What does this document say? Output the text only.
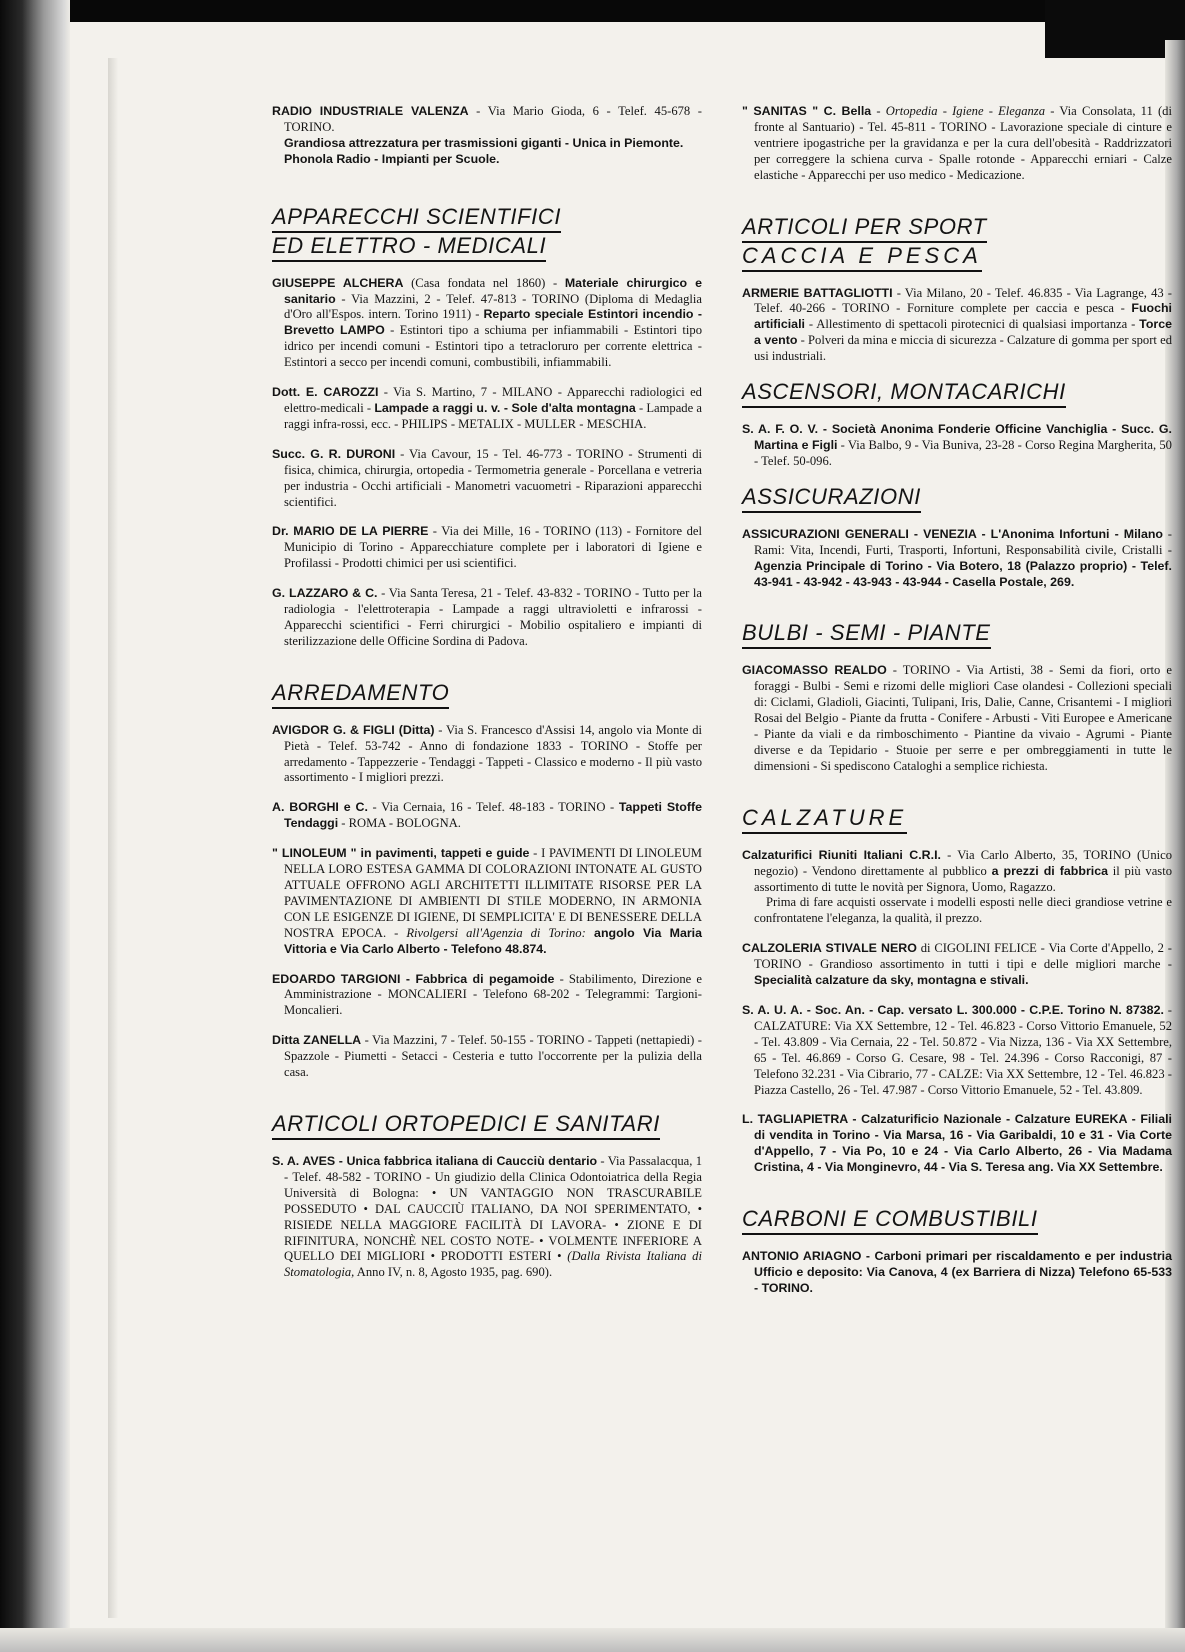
RADIO INDUSTRIALE VALENZA - Via Mario Gioda, 6 - Telef. 45-678 - TORINO.
Grandiosa attrezzatura per trasmissioni giganti - Unica in Piemonte.
Phonola Radio - Impianti per Scuole.
APPARECCHI SCIENTIFICI
ED ELETTRO - MEDICALI
GIUSEPPE ALCHERA (Casa fondata nel 1860) - Materiale chirurgico e sanitario - Via Mazzini, 2 - Telef. 47-813 - TORINO (Diploma di Medaglia d'Oro all'Espos. intern. Torino 1911) - Reparto speciale Estintori incendio - Brevetto LAMPO - Estintori tipo a schiuma per infiammabili - Estintori tipo idrico per incendi comuni - Estintori tipo a tetracloruro per corrente elettrica - Estintori a secco per incendi comuni, combustibili, infiammabili.
Dott. E. CAROZZI - Via S. Martino, 7 - MILANO - Apparecchi radiologici ed elettro-medicali - Lampade a raggi u. v. - Sole d'alta montagna - Lampade a raggi infra-rossi, ecc. - PHILIPS - METALIX - MULLER - MESCHIA.
Succ. G. R. DURONI - Via Cavour, 15 - Tel. 46-773 - TORINO - Strumenti di fisica, chimica, chirurgia, ortopedia - Termometria generale - Porcellana e vetreria per industria - Occhi artificiali - Manometri vacuometri - Riparazioni apparecchi scientifici.
Dr. MARIO DE LA PIERRE - Via dei Mille, 16 - TORINO (113) - Fornitore del Municipio di Torino - Apparecchiature complete per i laboratori di Igiene e Profilassi - Prodotti chimici per usi scientifici.
G. LAZZARO & C. - Via Santa Teresa, 21 - Telef. 43-832 - TORINO - Tutto per la radiologia - l'elettroterapia - Lampade a raggi ultravioletti e infrarossi - Apparecchi scientifici - Ferri chirurgici - Mobilio ospitaliero e impianti di sterilizzazione delle Officine Sordina di Padova.
ARREDAMENTO
AVIGDOR G. & FIGLI (Ditta) - Via S. Francesco d'Assisi 14, angolo via Monte di Pietà - Telef. 53-742 - Anno di fondazione 1833 - TORINO - Stoffe per arredamento - Tappezzerie - Tendaggi - Tappeti - Classico e moderno - Il più vasto assortimento - I migliori prezzi.
A. BORGHI e C. - Via Cernaia, 16 - Telef. 48-183 - TORINO - Tappeti Stoffe Tendaggi - ROMA - BOLOGNA.
" LINOLEUM " in pavimenti, tappeti e guide - I PAVIMENTI DI LINOLEUM NELLA LORO ESTESA GAMMA DI COLORAZIONI INTONATE AL GUSTO ATTUALE OFFRONO AGLI ARCHITETTI ILLIMITATE RISORSE PER LA PAVIMENTAZIONE DI AMBIENTI DI STILE MODERNO, IN ARMONIA CON LE ESIGENZE DI IGIENE, DI SEMPLICITA' E DI BENESSERE DELLA NOSTRA EPOCA. - Rivolgersi all'Agenzia di Torino: angolo Via Maria Vittoria e Via Carlo Alberto - Telefono 48.874.
EDOARDO TARGIONI - Fabbrica di pegamoide - Stabilimento, Direzione e Amministrazione - MONCALIERI - Telefono 68-202 - Telegrammi: Targioni-Moncalieri.
Ditta ZANELLA - Via Mazzini, 7 - Telef. 50-155 - TORINO - Tappeti (nettapiedi) - Spazzole - Piumetti - Setacci - Cesteria e tutto l'occorrente per la pulizia della casa.
ARTICOLI ORTOPEDICI E SANITARI
S. A. AVES - Unica fabbrica italiana di Caucciù dentario - Via Passalacqua, 1 - Telef. 48-582 - TORINO - Un giudizio della Clinica Odontoiatrica della Regia Università di Bologna: • UN VANTAGGIO NON TRASCURABILE POSSEDUTO • DAL CAUCCIÙ ITALIANO, DA NOI SPERIMENTATO, • RISIEDE NELLA MAGGIORE FACILITÀ DI LAVORA- • ZIONE E DI RIFINITURA, NONCHÈ NEL COSTO NOTE- • VOLMENTE INFERIORE A QUELLO DEI MIGLIORI • PRODOTTI ESTERI • (Dalla Rivista Italiana di Stomatologia, Anno IV, n. 8, Agosto 1935, pag. 690).
" SANITAS " C. Bella - Ortopedia - Igiene - Eleganza - Via Consolata, 11 (di fronte al Santuario) - Tel. 45-811 - TORINO - Lavorazione speciale di cinture e ventriere ipogastriche per la gravidanza e per la cura dell'obesità - Raddrizzatori per correggere la schiena curva - Spalle rotonde - Apparecchi erniari - Calze elastiche - Apparecchi per uso medico - Medicazione.
ARTICOLI PER SPORT
CACCIA E PESCA
ARMERIE BATTAGLIOTTI - Via Milano, 20 - Telef. 46.835 - Via Lagrange, 43 - Telef. 40-266 - TORINO - Forniture complete per caccia e pesca - Fuochi artificiali - Allestimento di spettacoli pirotecnici di qualsiasi importanza - Torce a vento - Polveri da mina e miccia di sicurezza - Calzature di gomma per sport ed usi industriali.
ASCENSORI, MONTACARICHI
S. A. F. O. V. - Società Anonima Fonderie Officine Vanchiglia - Succ. G. Martina e Figli - Via Balbo, 9 - Via Buniva, 23-28 - Corso Regina Margherita, 50 - Telef. 50-096.
ASSICURAZIONI
ASSICURAZIONI GENERALI - VENEZIA - L'Anonima Infortuni - Milano - Rami: Vita, Incendi, Furti, Trasporti, Infortuni, Responsabilità civile, Cristalli - Agenzia Principale di Torino - Via Botero, 18 (Palazzo proprio) - Telef. 43-941 - 43-942 - 43-943 - 43-944 - Casella Postale, 269.
BULBI - SEMI - PIANTE
GIACOMASSO REALDO - TORINO - Via Artisti, 38 - Semi da fiori, orto e foraggi - Bulbi - Semi e rizomi delle migliori Case olandesi - Collezioni speciali di: Ciclami, Gladioli, Giacinti, Tulipani, Iris, Dalie, Canne, Crisantemi - I migliori Rosai del Belgio - Piante da frutta - Conifere - Arbusti - Viti Europee e Americane - Piante da viali e da rimboschimento - Piantine da vivaio - Agrumi - Piante diverse e da Tepidario - Stuoie per serre e per ombreggiamenti in tutte le dimensioni - Si spediscono Cataloghi a semplice richiesta.
CALZATURE
Calzaturifici Riuniti Italiani C.R.I. - Via Carlo Alberto, 35, TORINO (Unico negozio) - Vendono direttamente al pubblico a prezzi di fabbrica il più vasto assortimento di tutte le novità per Signora, Uomo, Ragazzo.
Prima di fare acquisti osservate i modelli esposti nelle dieci grandiose vetrine e confrontatene l'eleganza, la qualità, il prezzo.
CALZOLERIA STIVALE NERO di CIGOLINI FELICE - Via Corte d'Appello, 2 - TORINO - Grandioso assortimento in tutti i tipi e delle migliori marche - Specialità calzature da sky, montagna e stivali.
S. A. U. A. - Soc. An. - Cap. versato L. 300.000 - C.P.E. Torino N. 87382. - CALZATURE: Via XX Settembre, 12 - Tel. 46.823 - Corso Vittorio Emanuele, 52 - Tel. 43.809 - Via Cernaia, 22 - Tel. 50.872 - Via Nizza, 136 - Via XX Settembre, 65 - Tel. 46.869 - Corso G. Cesare, 98 - Tel. 24.396 - Corso Racconigi, 87 - Telefono 32.231 - Via Cibrario, 77 - CALZE: Via XX Settembre, 12 - Tel. 46.823 - Piazza Castello, 26 - Tel. 47.987 - Corso Vittorio Emanuele, 52 - Tel. 43.809.
L. TAGLIAPIETRA - Calzaturificio Nazionale - Calzature EUREKA - Filiali di vendita in Torino - Via Marsa, 16 - Via Garibaldi, 10 e 31 - Via Corte d'Appello, 7 - Via Po, 10 e 24 - Via Carlo Alberto, 26 - Via Madama Cristina, 4 - Via Monginevro, 44 - Via S. Teresa ang. Via XX Settembre.
CARBONI E COMBUSTIBILI
ANTONIO ARIAGNO - Carboni primari per riscaldamento e per industria Ufficio e deposito: Via Canova, 4 (ex Barriera di Nizza) Telefono 65-533 - TORINO.
